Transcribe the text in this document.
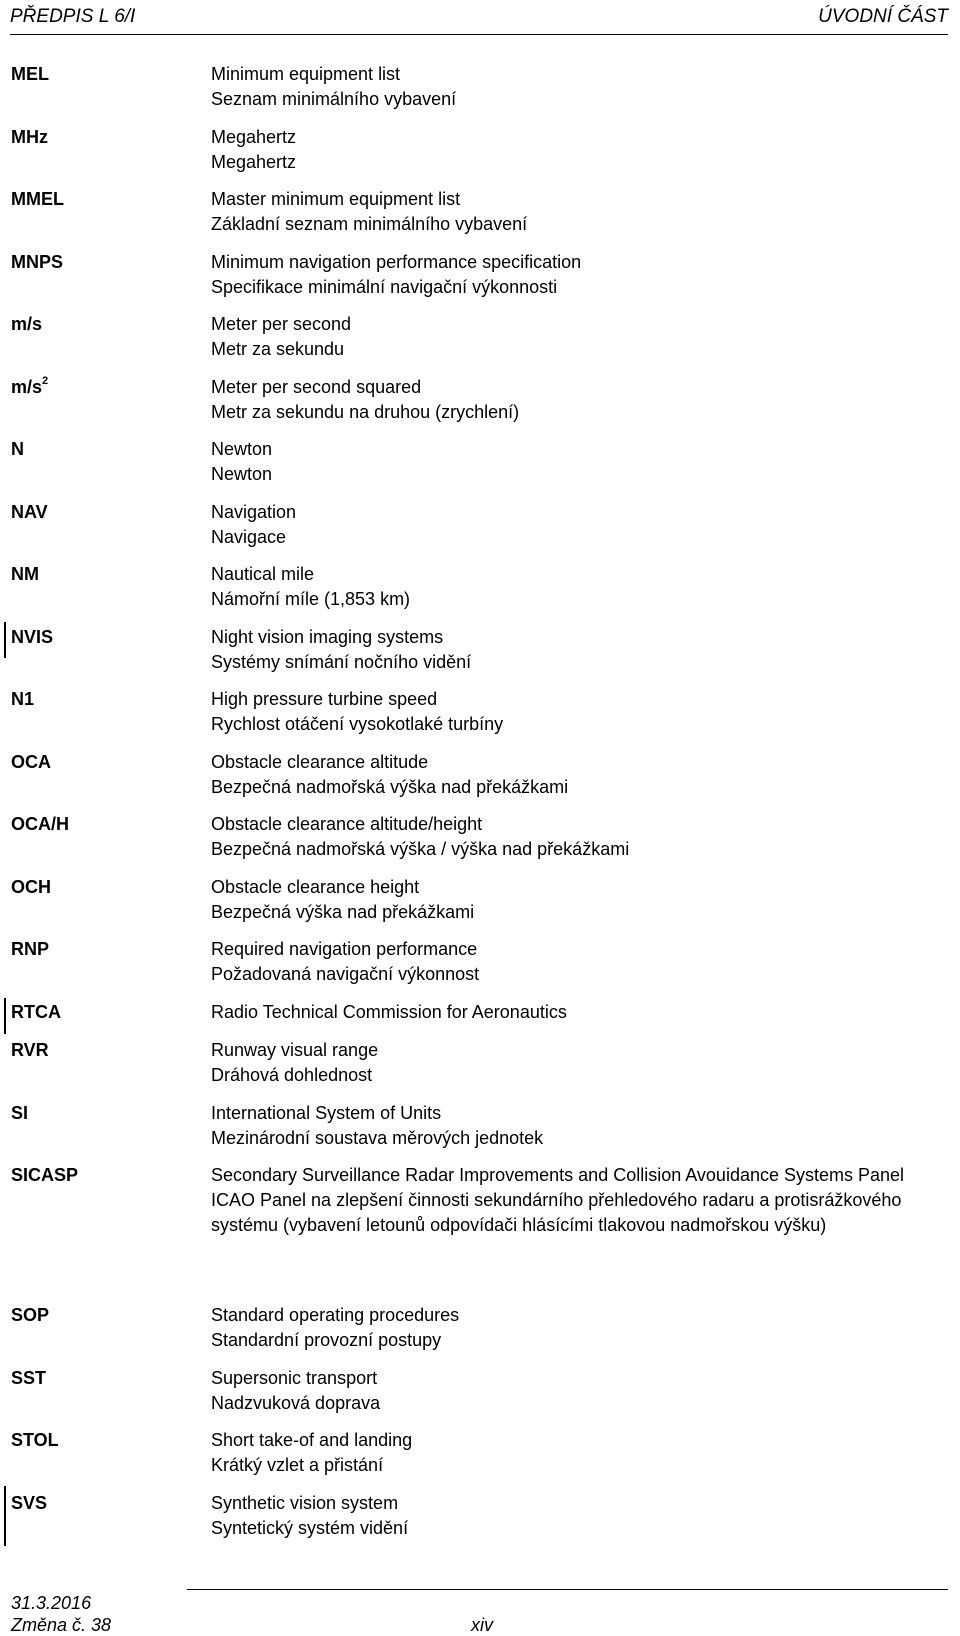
PŘEDPIS L 6/I	ÚVODNÍ ČÁST
MEL	Minimum equipment list
Seznam minimálního vybavení
MHz	Megahertz
Megahertz
MMEL	Master minimum equipment list
Základní seznam minimálního vybavení
MNPS	Minimum navigation performance specification
Specifikace minimální navigační výkonnosti
m/s	Meter per second
Metr za sekundu
$m/s^2$	Meter per second squared
Metr za sekundu na druhou (zrychlení)
N	Newton
Newton
NAV	Navigation
Navigace
NM	Nautical mile
Námořní míle (1,853 km)
NVIS	Night vision imaging systems
Systémy snímání nočního vidění
N1	High pressure turbine speed
Rychlost otáčení vysokotlaké turbíny
OCA	Obstacle clearance altitude
Bezpečná nadmořská výška nad překážkami
OCA/H	Obstacle clearance altitude/height
Bezpečná nadmořská výška / výška nad překážkami
OCH	Obstacle clearance height
Bezpečná výška nad překážkami
RNP	Required navigation performance
Požadovaná navigační výkonnost
RTCA	Radio Technical Commission for Aeronautics
RVR	Runway visual range
Dráhová dohlednost
SI	International System of Units
Mezinárodní soustava měrových jednotek
SICASP	Secondary Surveillance Radar Improvements and Collision Avouidance Systems Panel
ICAO Panel na zlepšení činnosti sekundárního přehledového radaru a protisrážkového systému (vybavení letounů odpovídači hlásícími tlakovou nadmořskou výšku)
SOP	Standard operating procedures
Standardní provozní postupy
SST	Supersonic transport
Nadzvuková doprava
STOL	Short take-of and landing
Krátký vzlet a přistání
SVS	Synthetic vision system
Syntetický systém vidění
31.3.2016
Změna č. 38	xiv
